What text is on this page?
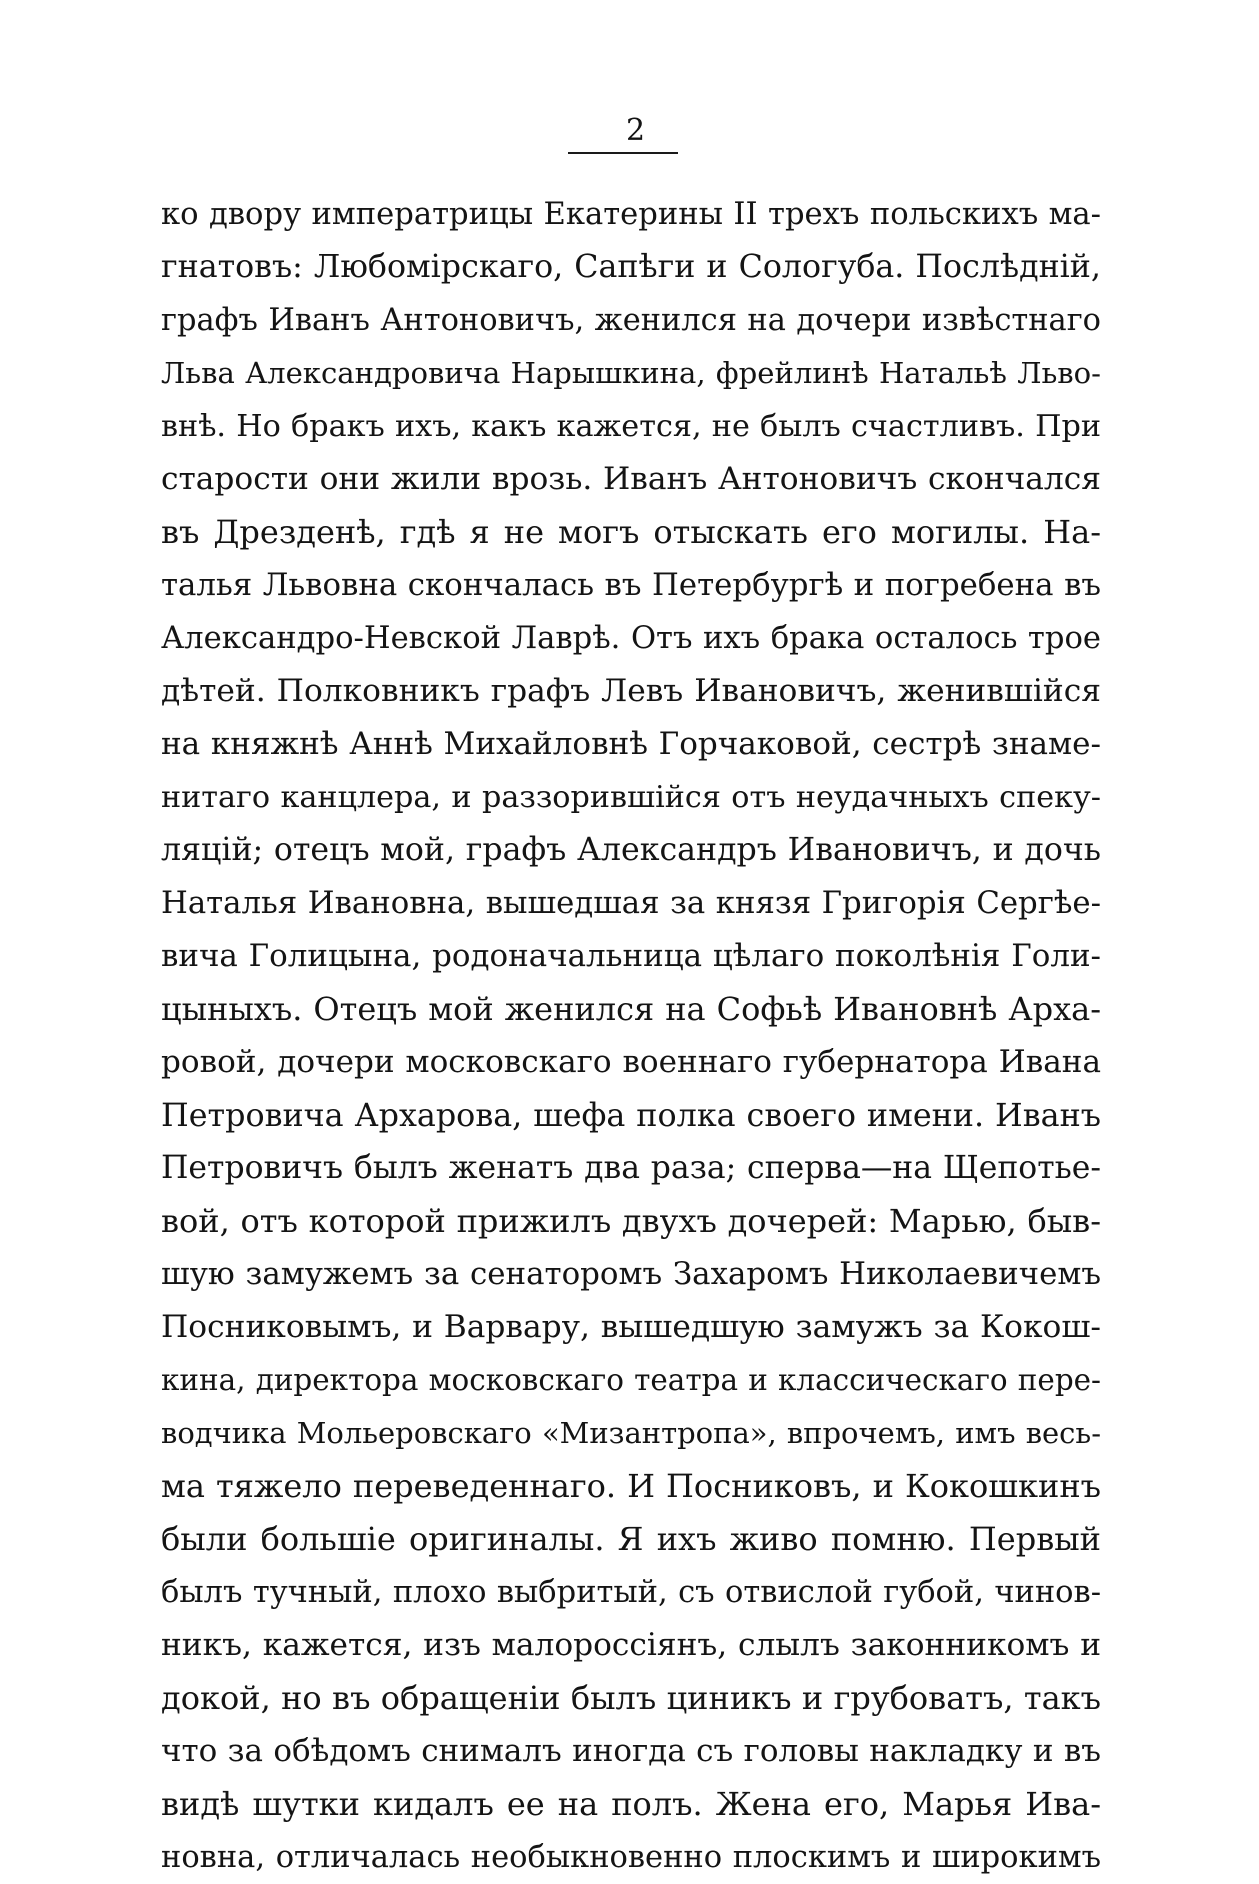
2
ко двору императрицы Екатерины II трехъ польскихъ ма-
гнатовъ: Любомірскаго, Сапѣги и Сологуба. Послѣдній,
графъ Иванъ Антоновичъ, женился на дочери извѣстнаго
Льва Александровича Нарышкина, фрейлинѣ Натальѣ Льво-
внѣ. Но бракъ ихъ, какъ кажется, не былъ счастливъ. При
старости они жили врозь. Иванъ Антоновичъ скончался
въ Дрезденѣ, гдѣ я не могъ отыскать его могилы. На-
талья Львовна скончалась въ Петербургѣ и погребена въ
Александро-Невской Лаврѣ. Отъ ихъ брака осталось трое
дѣтей. Полковникъ графъ Левъ Ивановичъ, женившійся
на княжнѣ Аннѣ Михайловнѣ Горчаковой, сестрѣ знаме-
нитаго канцлера, и раззорившійся отъ неудачныхъ спеку-
ляцій; отецъ мой, графъ Александръ Ивановичъ, и дочь
Наталья Ивановна, вышедшая за князя Григорія Сергѣе-
вича Голицына, родоначальница цѣлаго поколѣнія Голи-
цыныхъ. Отецъ мой женился на Софьѣ Ивановнѣ Арха-
ровой, дочери московскаго военнаго губернатора Ивана
Петровича Архарова, шефа полка своего имени. Иванъ
Петровичъ былъ женатъ два раза; сперва—на Щепотье-
вой, отъ которой прижилъ двухъ дочерей: Марью, быв-
шую замужемъ за сенаторомъ Захаромъ Николаевичемъ
Посниковымъ, и Варвару, вышедшую замужъ за Кокош-
кина, директора московскаго театра и классическаго пере-
водчика Мольеровскаго «Мизантропа», впрочемъ, имъ весь-
ма тяжело переведеннаго. И Посниковъ, и Кокошкинъ
были большіе оригиналы. Я ихъ живо помню. Первый
былъ тучный, плохо выбритый, съ отвислой губой, чинов-
никъ, кажется, изъ малороссіянъ, слылъ законникомъ и
докой, но въ обращеніи былъ циникъ и грубоватъ, такъ
что за обѣдомъ снималъ иногда съ головы накладку и въ
видѣ шутки кидалъ ее на полъ. Жена его, Марья Ива-
новна, отличалась необыкновенно плоскимъ и широкимъ
